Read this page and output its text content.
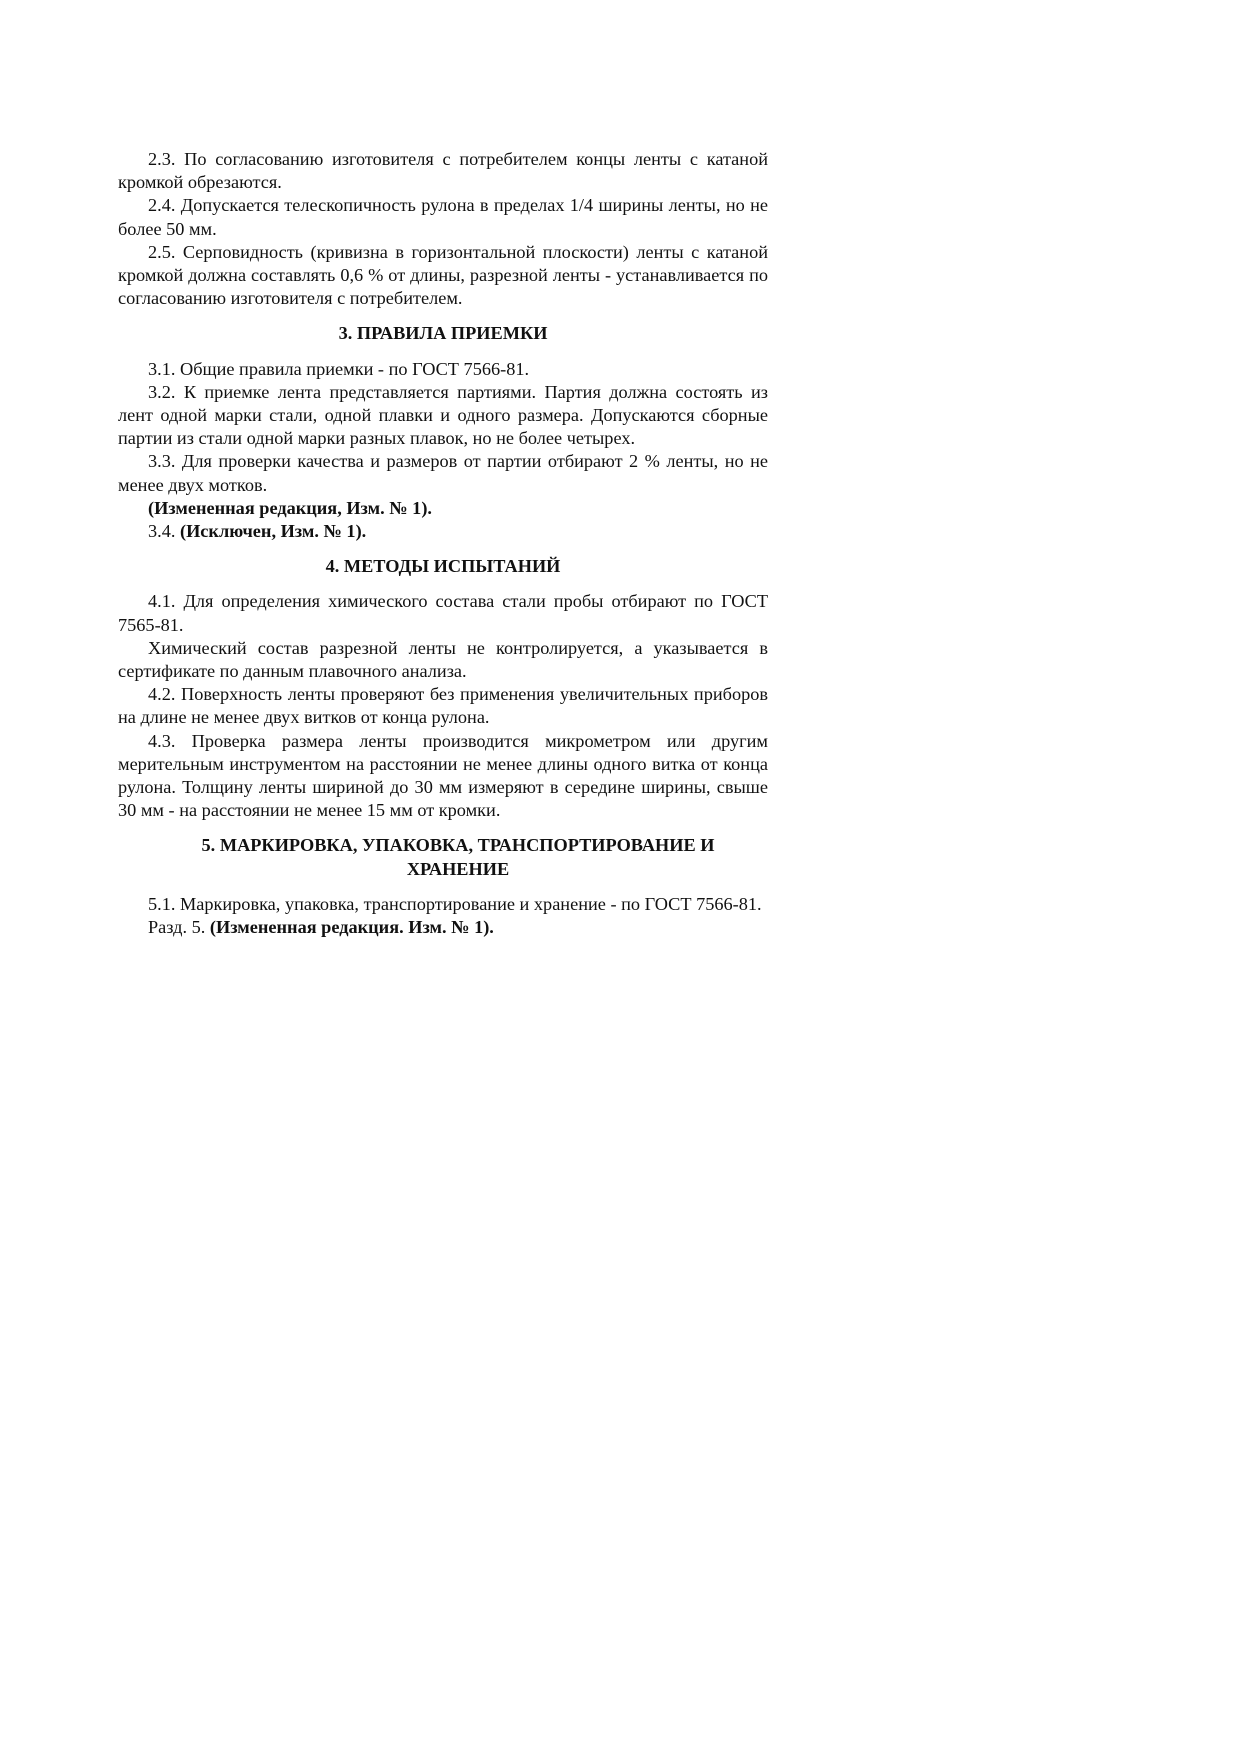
2.3. По согласованию изготовителя с потребителем концы ленты с катаной кромкой обрезаются.

2.4. Допускается телескопичность рулона в пределах 1/4 ширины ленты, но не более 50 мм.

2.5. Серповидность (кривизна в горизонтальной плоскости) ленты с катаной кромкой должна составлять 0,6 % от длины, разрезной ленты - устанавливается по согласованию изготовителя с потребителем.

3. ПРАВИЛА ПРИЕМКИ

3.1. Общие правила приемки - по ГОСТ 7566-81.

3.2. К приемке лента представляется партиями. Партия должна состоять из лент одной марки стали, одной плавки и одного размера. Допускаются сборные партии из стали одной марки разных плавок, но не более четырех.

3.3. Для проверки качества и размеров от партии отбирают 2 % ленты, но не менее двух мотков.

(Измененная редакция, Изм. № 1).

3.4. (Исключен, Изм. № 1).

4. МЕТОДЫ ИСПЫТАНИЙ

4.1. Для определения химического состава стали пробы отбирают по ГОСТ 7565-81.

Химический состав разрезной ленты не контролируется, а указывается в сертификате по данным плавочного анализа.

4.2. Поверхность ленты проверяют без применения увеличительных приборов на длине не менее двух витков от конца рулона.

4.3. Проверка размера ленты производится микрометром или другим мерительным инструментом на расстоянии не менее длины одного витка от конца рулона. Толщину ленты шириной до 30 мм измеряют в середине ширины, свыше 30 мм - на расстоянии не менее 15 мм от кромки.

5. МАРКИРОВКА, УПАКОВКА, ТРАНСПОРТИРОВАНИЕ И
ХРАНЕНИЕ

5.1. Маркировка, упаковка, транспортирование и хранение - по ГОСТ 7566-81.

Разд. 5. (Измененная редакция. Изм. № 1).
